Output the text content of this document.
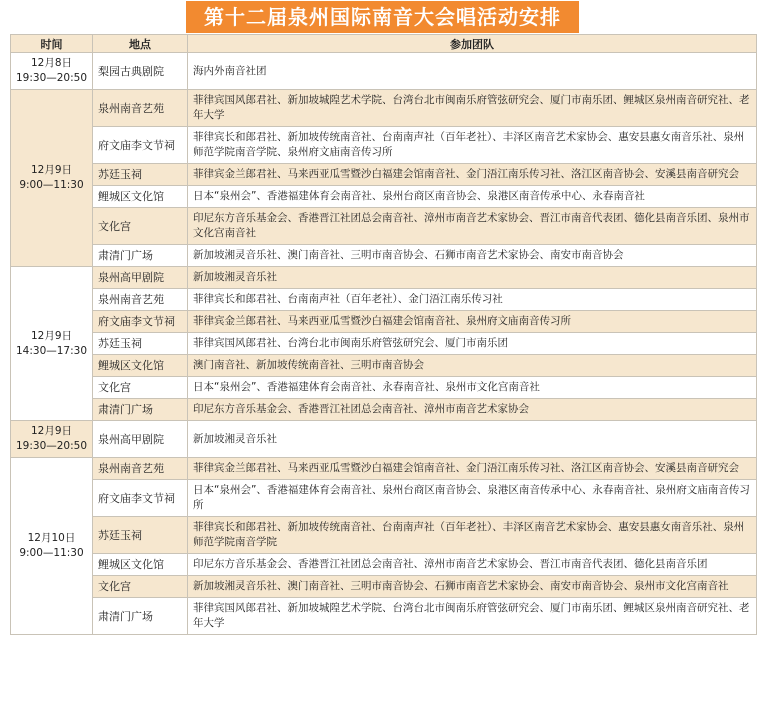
第十二届泉州国际南音大会唱活动安排
时间	地点	参加团队

12月8日
19:30—20:50	梨园古典剧院	海内外南音社团

12月9日
9:00—11:30	泉州南音艺苑	菲律宾国风郎君社、新加坡城隍艺术学院、台湾台北市闽南乐府管弦研究会、厦门市南乐团、鲤城区泉州南音研究社、老年大学
	府文庙李文节祠	菲律宾长和郎君社、新加坡传统南音社、台南南声社（百年老社）、丰泽区南音艺术家协会、惠安县惠女南音乐社、泉州师范学院南音学院、泉州府文庙南音传习所
	苏廷玉祠	菲律宾金兰郎君社、马来西亚瓜雪暨沙白福建会馆南音社、金门浯江南乐传习社、洛江区南音协会、安溪县南音研究会
	鲤城区文化馆	日本“泉州会”、香港福建体育会南音社、泉州台商区南音协会、泉港区南音传承中心、永春南音社
	文化宫	印尼东方音乐基金会、香港晋江社团总会南音社、漳州市南音艺术家协会、晋江市南音代表团、德化县南音乐团、泉州市文化宫南音社
	肃清门广场	新加坡湘灵音乐社、澳门南音社、三明市南音协会、石狮市南音艺术家协会、南安市南音协会

12月9日
14:30—17:30	泉州高甲剧院	新加坡湘灵音乐社
	泉州南音艺苑	菲律宾长和郎君社、台南南声社（百年老社）、金门浯江南乐传习社
	府文庙李文节祠	菲律宾金兰郎君社、马来西亚瓜雪暨沙白福建会馆南音社、泉州府文庙南音传习所
	苏廷玉祠	菲律宾国风郎君社、台湾台北市闽南乐府管弦研究会、厦门市南乐团
	鲤城区文化馆	澳门南音社、新加坡传统南音社、三明市南音协会
	文化宫	日本“泉州会”、香港福建体育会南音社、永春南音社、泉州市文化宫南音社
	肃清门广场	印尼东方音乐基金会、香港晋江社团总会南音社、漳州市南音艺术家协会

12月9日
19:30—20:50	泉州高甲剧院	新加坡湘灵音乐社

12月10日
9:00—11:30	泉州南音艺苑	菲律宾金兰郎君社、马来西亚瓜雪暨沙白福建会馆南音社、金门浯江南乐传习社、洛江区南音协会、安溪县南音研究会
	府文庙李文节祠	日本“泉州会”、香港福建体育会南音社、泉州台商区南音协会、泉港区南音传承中心、永春南音社、泉州府文庙南音传习所
	苏廷玉祠	菲律宾长和郎君社、新加坡传统南音社、台南南声社（百年老社）、丰泽区南音艺术家协会、惠安县惠女南音乐社、泉州师范学院南音学院
	鲤城区文化馆	印尼东方音乐基金会、香港晋江社团总会南音社、漳州市南音艺术家协会、晋江市南音代表团、德化县南音乐团
	文化宫	新加坡湘灵音乐社、澳门南音社、三明市南音协会、石狮市南音艺术家协会、南安市南音协会、泉州市文化宫南音社
	肃清门广场	菲律宾国风郎君社、新加坡城隍艺术学院、台湾台北市闽南乐府管弦研究会、厦门市南乐团、鲤城区泉州南音研究社、老年大学
